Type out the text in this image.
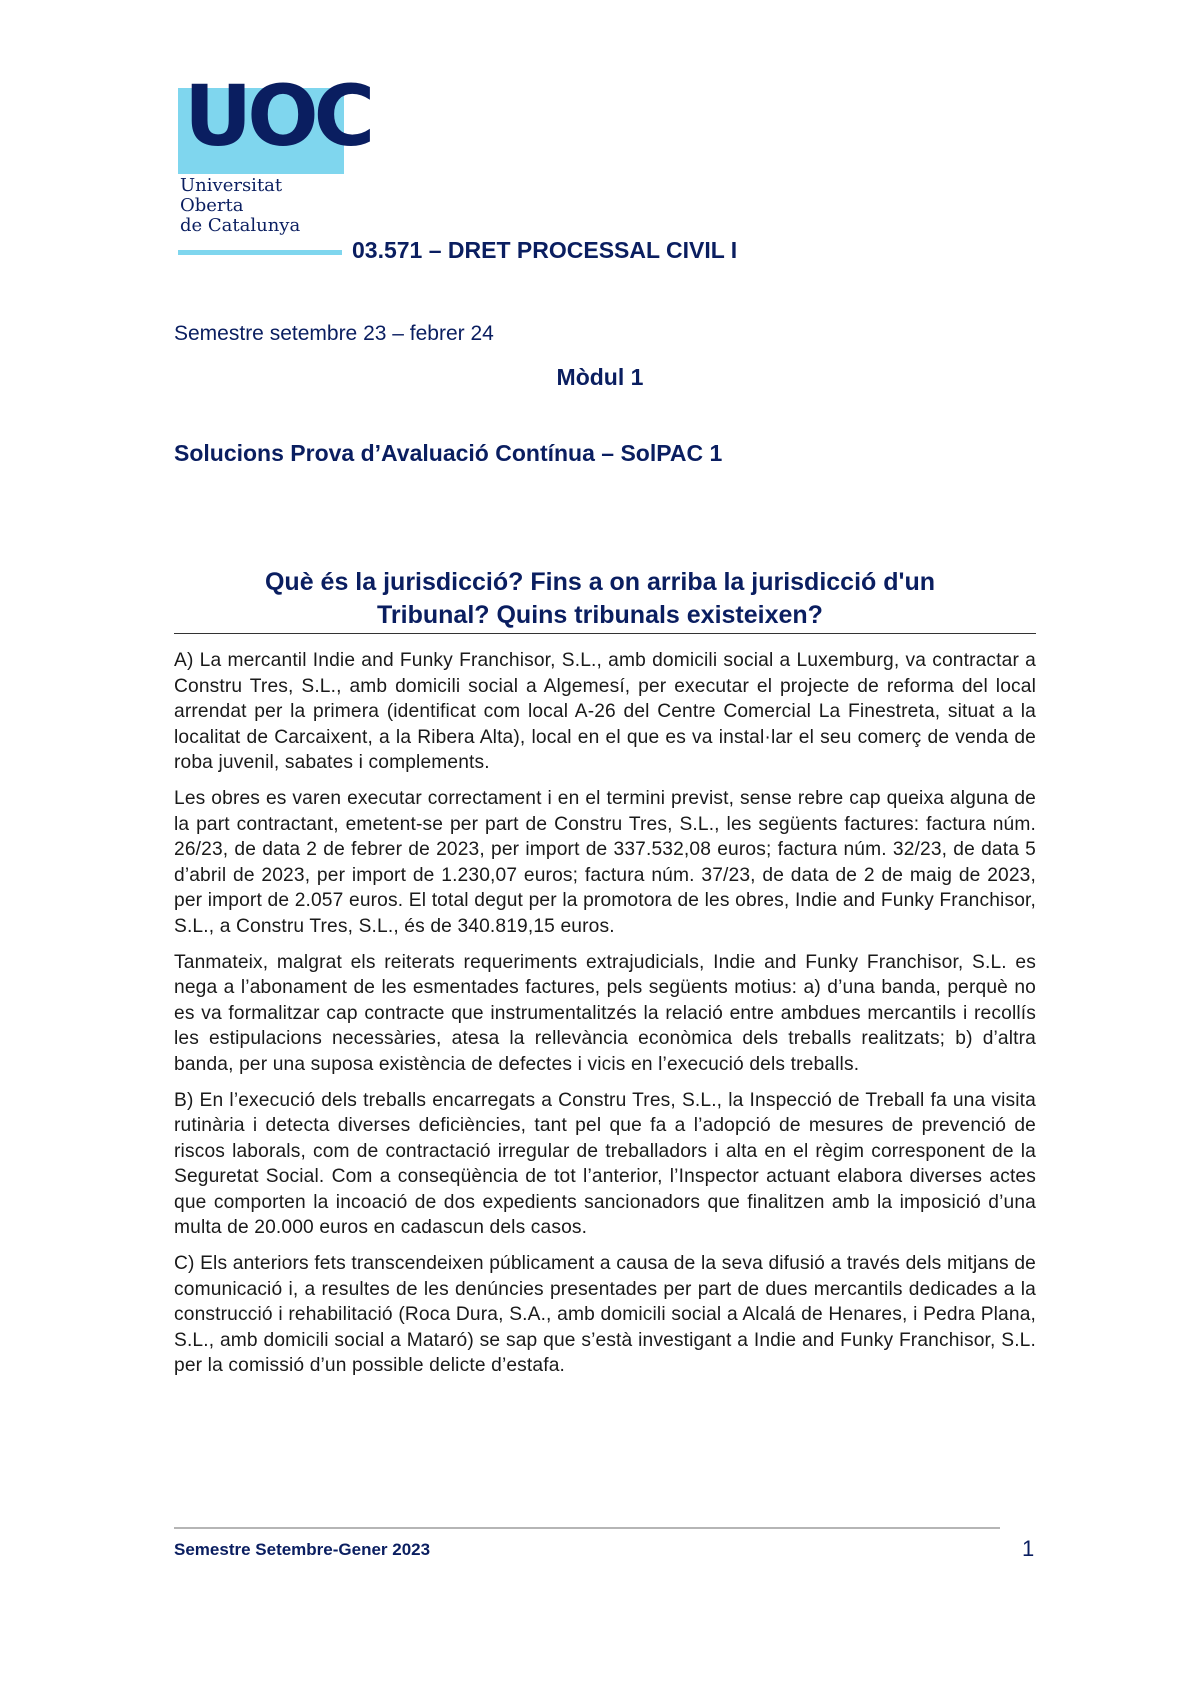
UOC
Universitat
Oberta
de Catalunya
03.571 – DRET PROCESSAL CIVIL I
Semestre setembre 23 – febrer 24
Mòdul 1
Solucions Prova d’Avaluació Contínua – SolPAC 1
Què és la jurisdicció? Fins a on arriba la jurisdicció d'un
Tribunal? Quins tribunals existeixen?

A) La mercantil Indie and Funky Franchisor, S.L., amb domicili social a Luxemburg, va contractar a Constru Tres, S.L., amb domicili social a Algemesí, per executar el projecte de reforma del local arrendat per la primera (identificat com local A-26 del Centre Comercial La Finestreta, situat a la localitat de Carcaixent, a la Ribera Alta), local en el que es va instal·lar el seu comerç de venda de roba juvenil, sabates i complements.

Les obres es varen executar correctament i en el termini previst, sense rebre cap queixa alguna de la part contractant, emetent-se per part de Constru Tres, S.L., les següents factures: factura núm. 26/23, de data 2 de febrer de 2023, per import de 337.532,08 euros; factura núm. 32/23, de data 5 d’abril de 2023, per import de 1.230,07 euros; factura núm. 37/23, de data de 2 de maig de 2023, per import de 2.057 euros. El total degut per la promotora de les obres, Indie and Funky Franchisor, S.L., a Constru Tres, S.L., és de 340.819,15 euros.

Tanmateix, malgrat els reiterats requeriments extrajudicials, Indie and Funky Franchisor, S.L. es nega a l’abonament de les esmentades factures, pels següents motius: a) d’una banda, perquè no es va formalitzar cap contracte que instrumentalitzés la relació entre ambdues mercantils i recollís les estipulacions necessàries, atesa la rellevància econòmica dels treballs realitzats; b) d’altra banda, per una suposa existència de defectes i vicis en l’execució dels treballs.

B) En l’execució dels treballs encarregats a Constru Tres, S.L., la Inspecció de Treball fa una visita rutinària i detecta diverses deficiències, tant pel que fa a l’adopció de mesures de prevenció de riscos laborals, com de contractació irregular de treballadors i alta en el règim corresponent de la Seguretat Social. Com a conseqüència de tot l’anterior, l’Inspector actuant elabora diverses actes que comporten la incoació de dos expedients sancionadors que finalitzen amb la imposició d’una multa de 20.000 euros en cadascun dels casos.

C) Els anteriors fets transcendeixen públicament a causa de la seva difusió a través dels mitjans de comunicació i, a resultes de les denúncies presentades per part de dues mercantils dedicades a la construcció i rehabilitació (Roca Dura, S.A., amb domicili social a Alcalá de Henares, i Pedra Plana, S.L., amb domicili social a Mataró) se sap que s’està investigant a Indie and Funky Franchisor, S.L. per la comissió d’un possible delicte d’estafa.

Semestre Setembre-Gener 2023	1
